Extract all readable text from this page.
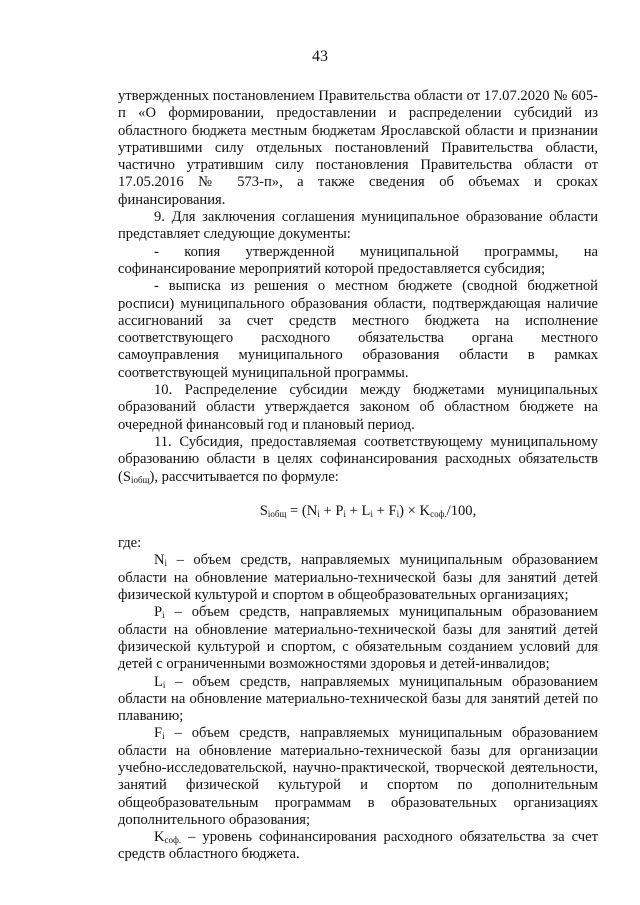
43

утвержденных постановлением Правительства области от 17.07.2020 № 605-п «О формировании, предоставлении и распределении субсидий из областного бюджета местным бюджетам Ярославской области и признании утратившими силу отдельных постановлений Правительства области, частично утратившим силу постановления Правительства области от 17.05.2016 № 573-п», а также сведения об объемах и сроках финансирования.

9. Для заключения соглашения муниципальное образование области представляет следующие документы:

- копия утвержденной муниципальной программы, на софинансирование мероприятий которой предоставляется субсидия;

- выписка из решения о местном бюджете (сводной бюджетной росписи) муниципального образования области, подтверждающая наличие ассигнований за счет средств местного бюджета на исполнение соответствующего расходного обязательства органа местного самоуправления муниципального образования области в рамках соответствующей муниципальной программы.

10. Распределение субсидии между бюджетами муниципальных образований области утверждается законом об областном бюджете на очередной финансовый год и плановый период.

11. Субсидия, предоставляемая соответствующему муниципальному образованию области в целях софинансирования расходных обязательств $(S_{iобщ})$, рассчитывается по формуле:

$S_{iобщ} = (N_i + P_i + L_i + F_i) \times K_{соф.}/100$,

где:

$N_i$ – объем средств, направляемых муниципальным образованием области на обновление материально-технической базы для занятий детей физической культурой и спортом в общеобразовательных организациях;

$P_i$ – объем средств, направляемых муниципальным образованием области на обновление материально-технической базы для занятий детей физической культурой и спортом, с обязательным созданием условий для детей с ограниченными возможностями здоровья и детей-инвалидов;

$L_i$ – объем средств, направляемых муниципальным образованием области на обновление материально-технической базы для занятий детей по плаванию;

$F_i$ – объем средств, направляемых муниципальным образованием области на обновление материально-технической базы для организации учебно-исследовательской, научно-практической, творческой деятельности, занятий физической культурой и спортом по дополнительным общеобразовательным программам в образовательных организациях дополнительного образования;

$K_{соф.}$ – уровень софинансирования расходного обязательства за счет средств областного бюджета.
